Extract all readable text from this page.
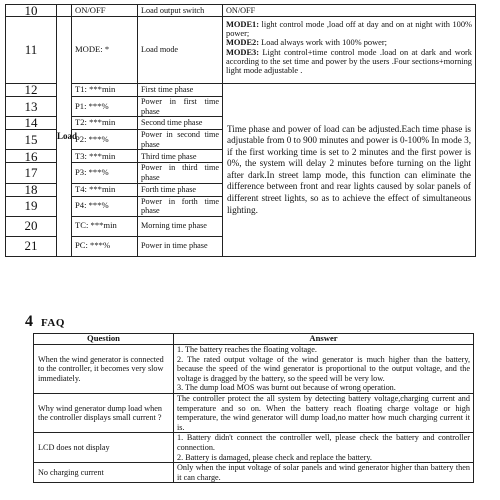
10		ON/OFF	Load output switch	ON/OFF
11	Load	MODE: *	Load mode	MODE1: light control mode ,load off at day and on at night with 100% power;
MODE2: Load always work with 100% power;
MODE3: Light control+time control mode .load on at dark and work according to the set time and power by the users .Four sections+morning light mode adjustable .
12		T1: ***min	First time phase	Time phase and power of load can be adjusted.Each time phase is adjustable from 0 to 900 minutes and power is 0-100% In mode 3, if the first working time is set to 2 minutes and the first power is 0%, the system will delay 2 minutes before turning on the light after dark.In street lamp mode, this function can eliminate the difference between front and rear lights caused by solar panels of different street lights, so as to achieve the effect of simultaneous lighting.
13		P1: ***%	Power in first time phase	
14		T2: ***min	Second time phase	
15		P2: ***%	Power in second time phase	
16		T3: ***min	Third time phase	
17		P3: ***%	Power in third time phase	
18		T4: ***min	Forth time phase	
19		P4: ***%	Power in forth time phase	
20		TC: ***min	Morning time phase	
21		PC: ***%	Power in time phase	
4 FAQ
Question	Answer
When the wind generator is connected to the controller, it becomes very slow immediately.	1. The battery reaches the floating voltage.
2. The rated output voltage of the wind generator is much higher than the battery, because the speed of the wind generator is proportional to the output voltage, and the voltage is dragged by the battery, so the speed will be very low.
3. The dump load MOS was burnt out because of wrong operation.

Why wind generator dump load when the controller displays small current ?	The controller protect the all system by detecting battery voltage,charging current and temperature and so on. When the battery reach floating charge voltage or high temperature, the wind generator will dump load,no matter how much charging current it is.

LCD does not display	1. Battery didn't connect the controller well, please check the battery and controller connection.
2. Battery is damaged, please check and replace the battery.

No charging current	Only when the input voltage of solar panels and wind generator higher than battery then it can charge.
